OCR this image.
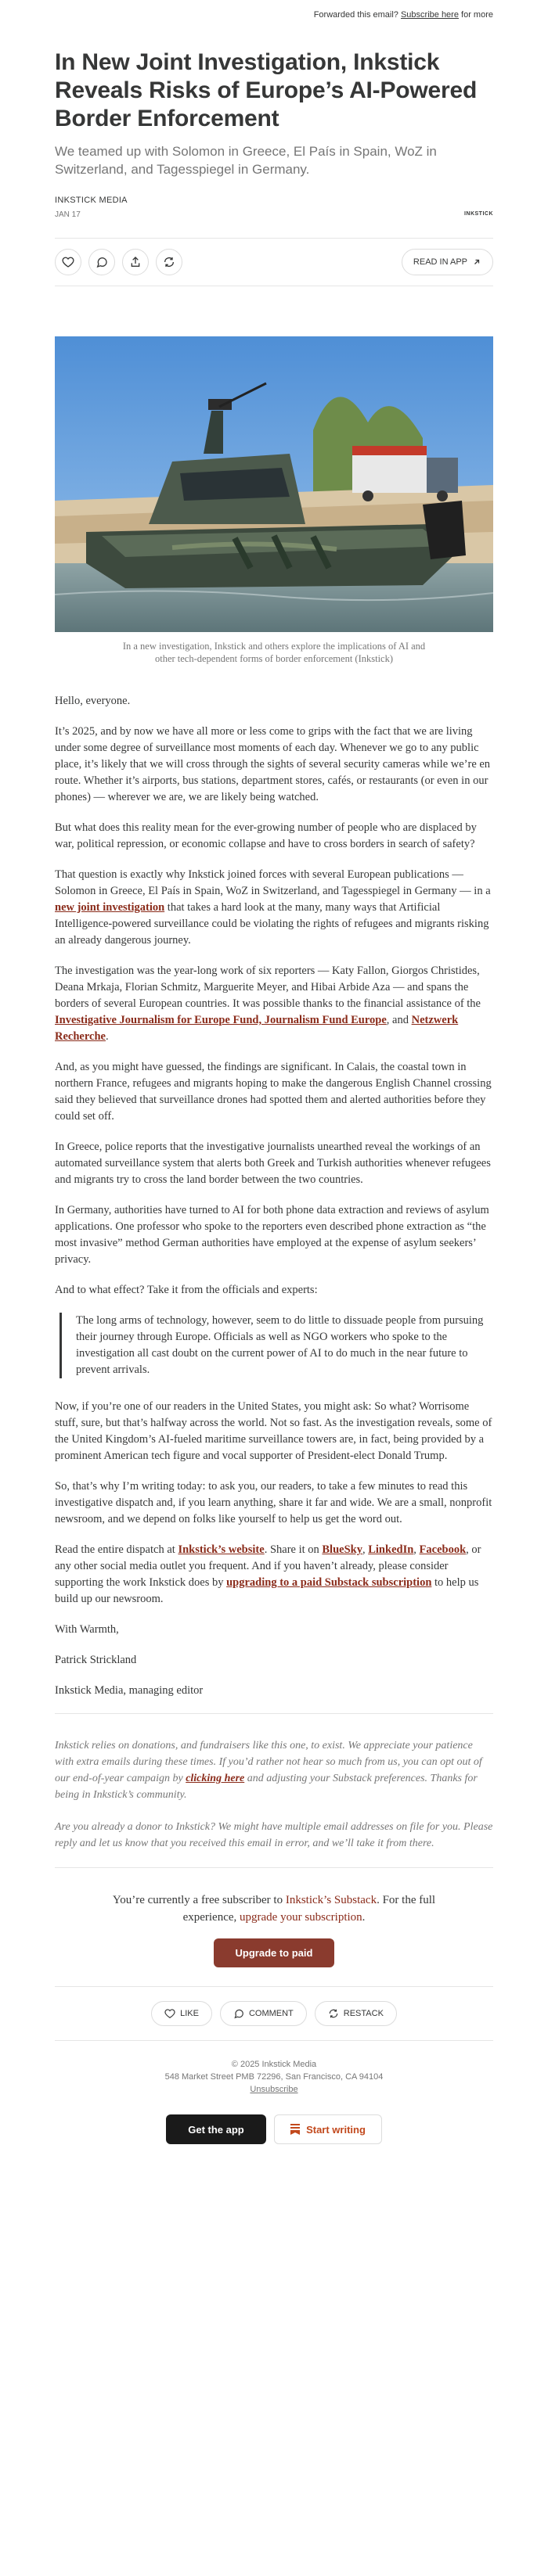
Forwarded this email? Subscribe here for more
In New Joint Investigation, Inkstick Reveals Risks of Europe’s AI-Powered Border Enforcement
We teamed up with Solomon in Greece, El País in Spain, WoZ in Switzerland, and Tagesspiegel in Germany.
INKSTICK MEDIA
JAN 17	INKSTICK
READ IN APP
In a new investigation, Inkstick and others explore the implications of AI and other tech-dependent forms of border enforcement (Inkstick)

Hello, everyone.

It’s 2025, and by now we have all more or less come to grips with the fact that we are living under some degree of surveillance most moments of each day. Whenever we go to any public place, it’s likely that we will cross through the sights of several security cameras while we’re en route. Whether it’s airports, bus stations, department stores, cafés, or restaurants (or even in our phones) — wherever we are, we are likely being watched.

But what does this reality mean for the ever-growing number of people who are displaced by war, political repression, or economic collapse and have to cross borders in search of safety?

That question is exactly why Inkstick joined forces with several European publications — Solomon in Greece, El País in Spain, WoZ in Switzerland, and Tagesspiegel in Germany — in a new joint investigation that takes a hard look at the many, many ways that Artificial Intelligence-powered surveillance could be violating the rights of refugees and migrants risking an already dangerous journey.

The investigation was the year-long work of six reporters — Katy Fallon, Giorgos Christides, Deana Mrkaja, Florian Schmitz, Marguerite Meyer, and Hibai Arbide Aza — and spans the borders of several European countries. It was possible thanks to the financial assistance of the Investigative Journalism for Europe Fund, Journalism Fund Europe, and Netzwerk Recherche.

And, as you might have guessed, the findings are significant. In Calais, the coastal town in northern France, refugees and migrants hoping to make the dangerous English Channel crossing said they believed that surveillance drones had spotted them and alerted authorities before they could set off.

In Greece, police reports that the investigative journalists unearthed reveal the workings of an automated surveillance system that alerts both Greek and Turkish authorities whenever refugees and migrants try to cross the land border between the two countries.

In Germany, authorities have turned to AI for both phone data extraction and reviews of asylum applications. One professor who spoke to the reporters even described phone extraction as “the most invasive” method German authorities have employed at the expense of asylum seekers’ privacy.

And to what effect? Take it from the officials and experts:

The long arms of technology, however, seem to do little to dissuade people from pursuing their journey through Europe. Officials as well as NGO workers who spoke to the investigation all cast doubt on the current power of AI to do much in the near future to prevent arrivals.

Now, if you’re one of our readers in the United States, you might ask: So what? Worrisome stuff, sure, but that’s halfway across the world. Not so fast. As the investigation reveals, some of the United Kingdom’s AI-fueled maritime surveillance towers are, in fact, being provided by a prominent American tech figure and vocal supporter of President-elect Donald Trump.

So, that’s why I’m writing today: to ask you, our readers, to take a few minutes to read this investigative dispatch and, if you learn anything, share it far and wide. We are a small, nonprofit newsroom, and we depend on folks like yourself to help us get the word out.

Read the entire dispatch at Inkstick’s website. Share it on BlueSky, LinkedIn, Facebook, or any other social media outlet you frequent. And if you haven’t already, please consider supporting the work Inkstick does by upgrading to a paid Substack subscription to help us build up our newsroom.

With Warmth,

Patrick Strickland

Inkstick Media, managing editor

Inkstick relies on donations, and fundraisers like this one, to exist. We appreciate your patience with extra emails during these times. If you’d rather not hear so much from us, you can opt out of our end-of-year campaign by clicking here and adjusting your Substack preferences. Thanks for being in Inkstick’s community.

Are you already a donor to Inkstick? We might have multiple email addresses on file for you. Please reply and let us know that you received this email in error, and we’ll take it from there.

You’re currently a free subscriber to Inkstick’s Substack. For the full experience, upgrade your subscription.
Upgrade to paid
LIKE	COMMENT	RESTACK
© 2025 Inkstick Media
548 Market Street PMB 72296, San Francisco, CA 94104
Unsubscribe
Get the app	Start writing
